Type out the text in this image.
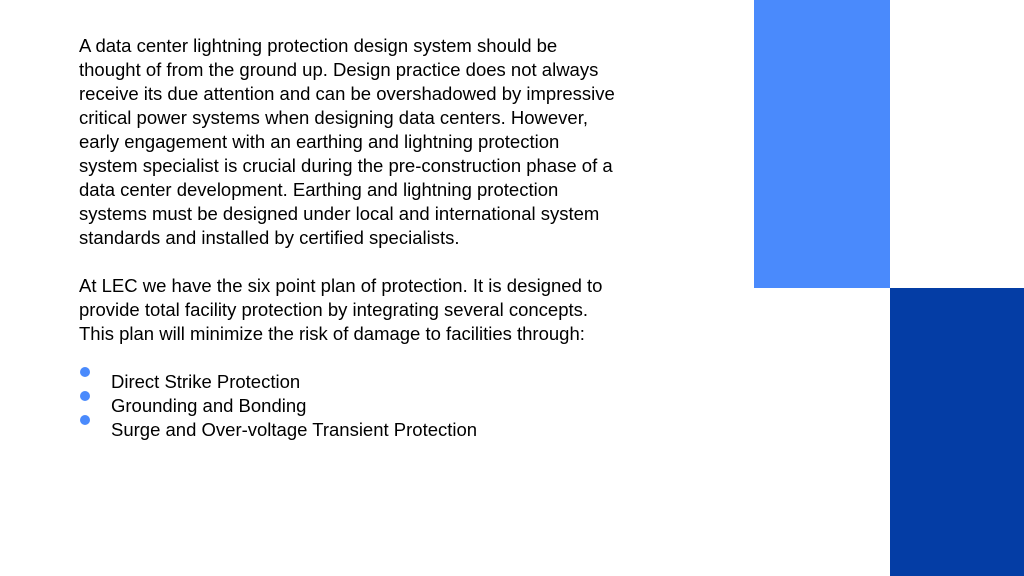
A data center lightning protection design system should be thought of from the ground up. Design practice does not always receive its due attention and can be overshadowed by impressive critical power systems when designing data centers. However, early engagement with an earthing and lightning protection system specialist is crucial during the pre-construction phase of a data center development. Earthing and lightning protection systems must be designed under local and international system standards and installed by certified specialists.

At LEC we have the six point plan of protection. It is designed to provide total facility protection by integrating several concepts. This plan will minimize the risk of damage to facilities through:

Direct Strike Protection
Grounding and Bonding
Surge and Over-voltage Transient Protection
